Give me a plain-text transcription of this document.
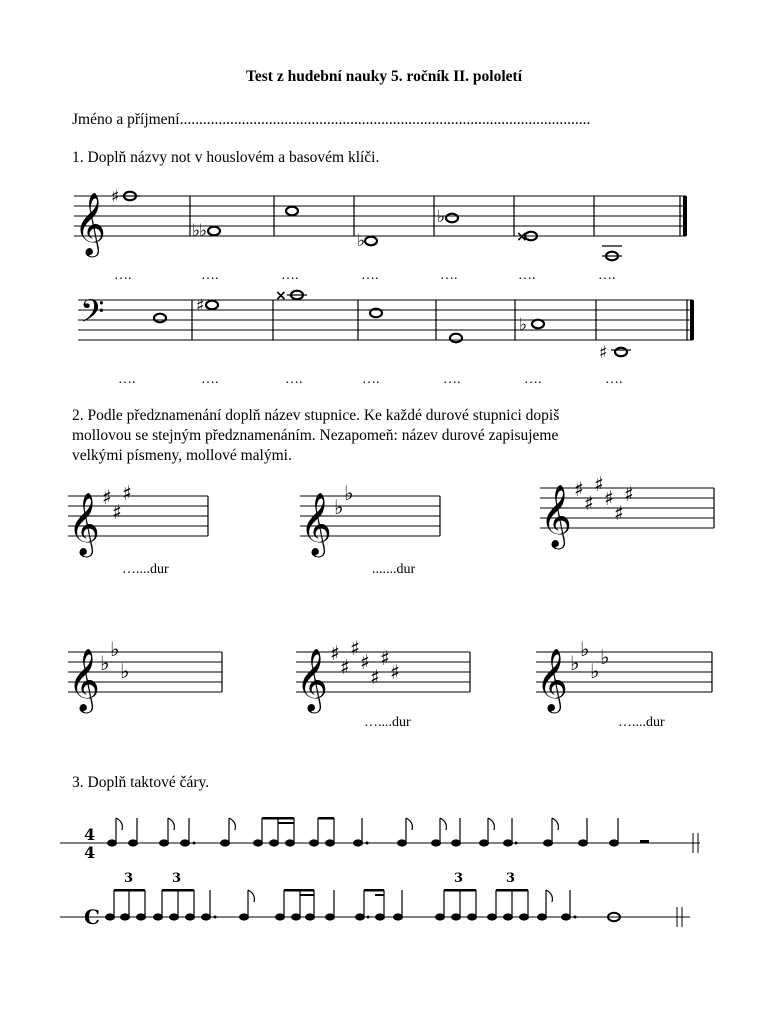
Test z hudební nauky 5. ročník II. pololetí
Jméno a příjmení..........................................................................................................
1. Doplň názvy not v houslovém a basovém klíči.
𝄞 ♯
♭
♭	♭
♭
×
….	….	….	….	….	….	….
𝄢	♯	×
♭
♯
….	….	….	….	….	….	….
2. Podle předznamenání doplň název stupnice. Ke každé durové stupnici dopiš
mollovou se stejným předznamenáním. Nezapomeň: název durové zapisujeme
velkými písmeny, mollové malými.
𝄞	𝄞	𝄞
𝄞	𝄞	𝄞
♯
♯
♯
♭
♭	♯
♯
♯
♯
♯
♯
♭
♭
♭
♯
♯
♯
♯
♯
♯
♯	♭
♭
♭
♭
…....dur	.......dur
…....dur	…....dur
3. Doplň taktové čáry.
4
4
C
3	3	3	3
